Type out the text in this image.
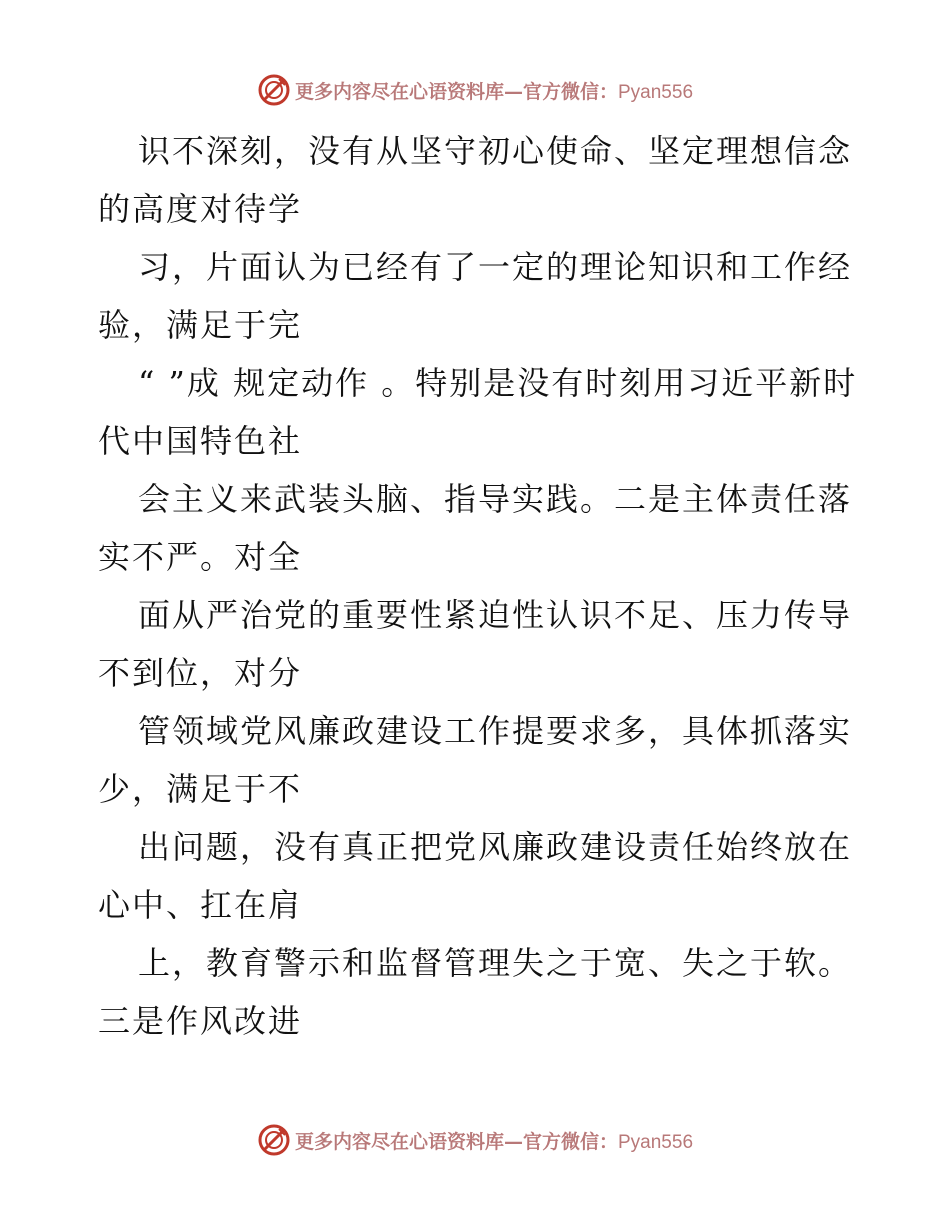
更多内容尽在心语资料库—官方微信：Pyan556

识不深刻，没有从坚守初心使命、坚定理想信念的高度对待学

习，片面认为已经有了一定的理论知识和工作经验，满足于完

“ ”成 规定动作 。特别是没有时刻用习近平新时代中国特色社

会主义来武装头脑、指导实践。二是主体责任落实不严。对全

面从严治党的重要性紧迫性认识不足、压力传导不到位，对分

管领域党风廉政建设工作提要求多，具体抓落实少，满足于不

出问题，没有真正把党风廉政建设责任始终放在心中、扛在肩

上，教育警示和监督管理失之于宽、失之于软。三是作风改进

更多内容尽在心语资料库—官方微信：Pyan556
